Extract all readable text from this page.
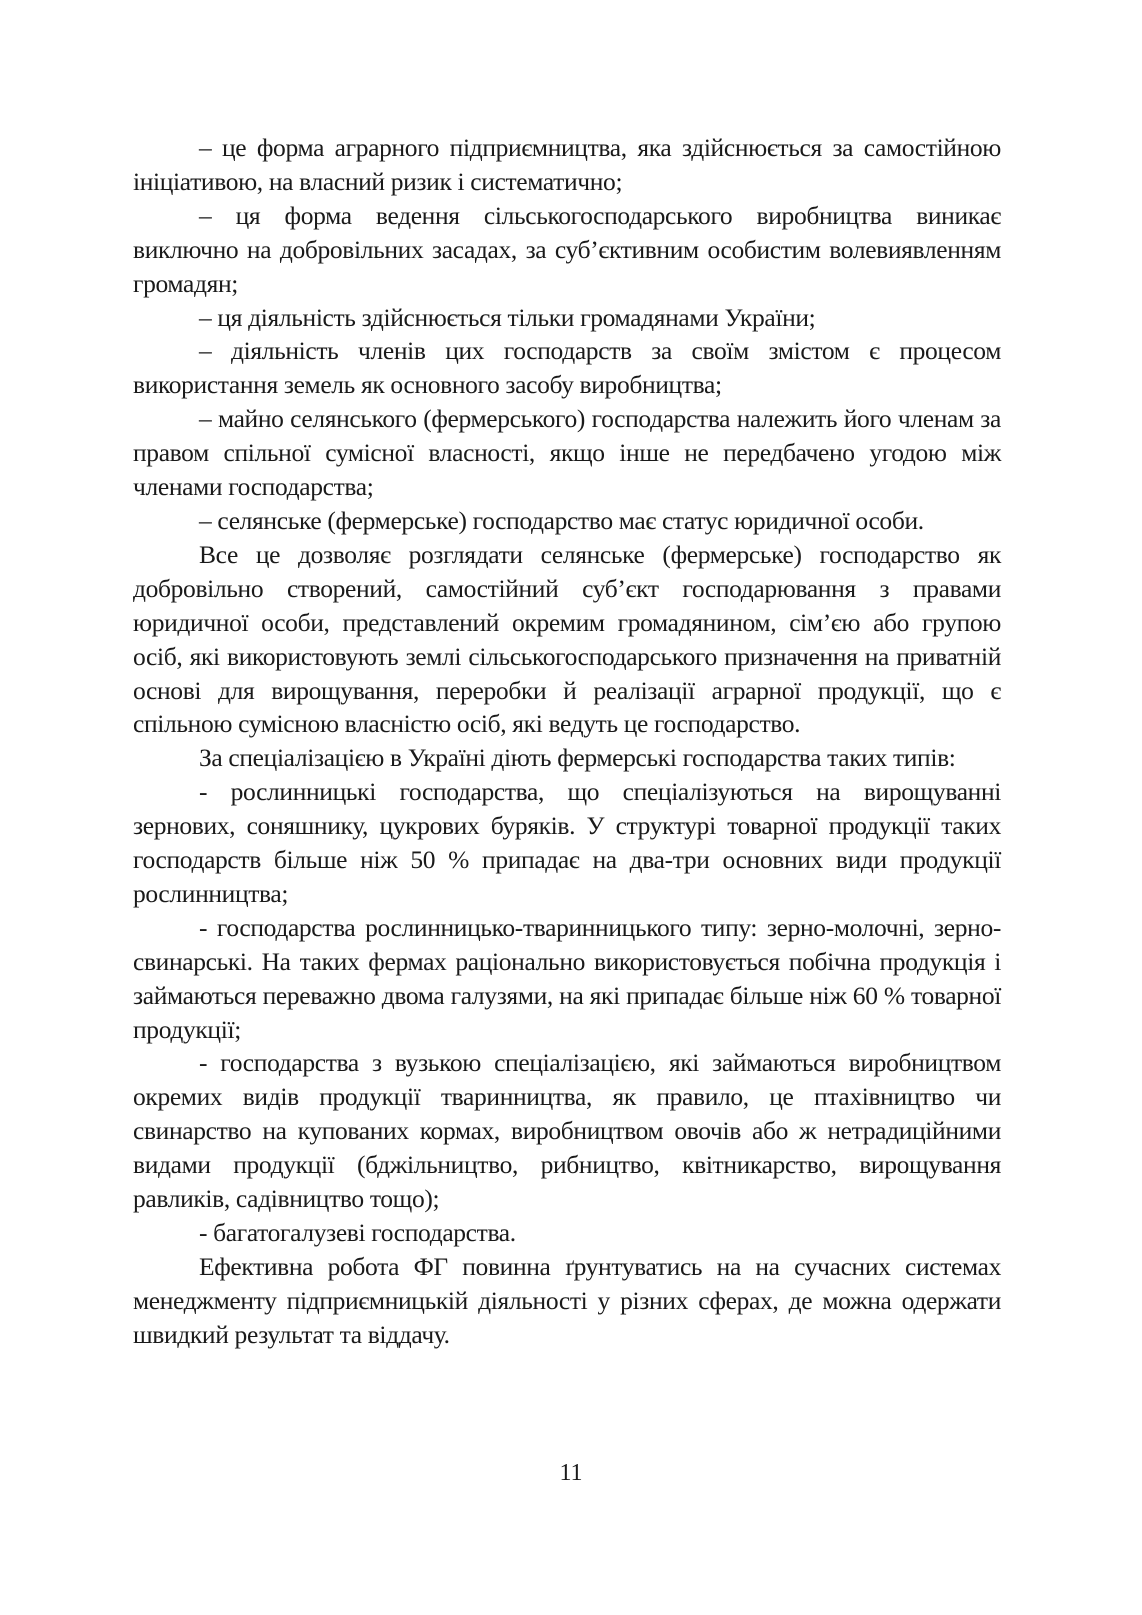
– це форма аграрного підприємництва, яка здійснюється за самостійною ініціативою, на власний ризик і систематично;

– ця форма ведення сільськогосподарського виробництва виникає виключно на добровільних засадах, за суб’єктивним особистим волевиявленням громадян;

– ця діяльність здійснюється тільки громадянами України;

– діяльність членів цих господарств за своїм змістом є процесом використання земель як основного засобу виробництва;

– майно селянського (фермерського) господарства належить його членам за правом спільної сумісної власності, якщо інше не передбачено угодою між членами господарства;

– селянське (фермерське) господарство має статус юридичної особи.

Все це дозволяє розглядати селянське (фермерське) господарство як добровільно створений, самостійний суб’єкт господарювання з правами юридичної особи, представлений окремим громадянином, сім’єю або групою осіб, які використовують землі сільськогосподарського призначення на приватній основі для вирощування, переробки й реалізації аграрної продукції, що є спільною сумісною власністю осіб, які ведуть це господарство.

За спеціалізацією в Україні діють фермерські господарства таких типів:

- рослинницькі господарства, що спеціалізуються на вирощуванні зернових, соняшнику, цукрових буряків. У структурі товарної продукції таких господарств більше ніж 50 % припадає на два-три основних види продукції рослинництва;

- господарства рослинницько-тваринницького типу: зерно-молочні, зерно-свинарські. На таких фермах раціонально використовується побічна продукція і займаються переважно двома галузями, на які припадає більше ніж 60 % товарної продукції;

- господарства з вузькою спеціалізацією, які займаються виробництвом окремих видів продукції тваринництва, як правило, це птахівництво чи свинарство на купованих кормах, виробництвом овочів або ж нетрадиційними видами продукції (бджільництво, рибництво, квітникарство, вирощування равликів, садівництво тощо);

- багатогалузеві господарства.

Ефективна робота ФГ повинна ґрунтуватись на на сучасних системах менеджменту підприємницькій діяльності у різних сферах, де можна одержати швидкий результат та віддачу.

11
